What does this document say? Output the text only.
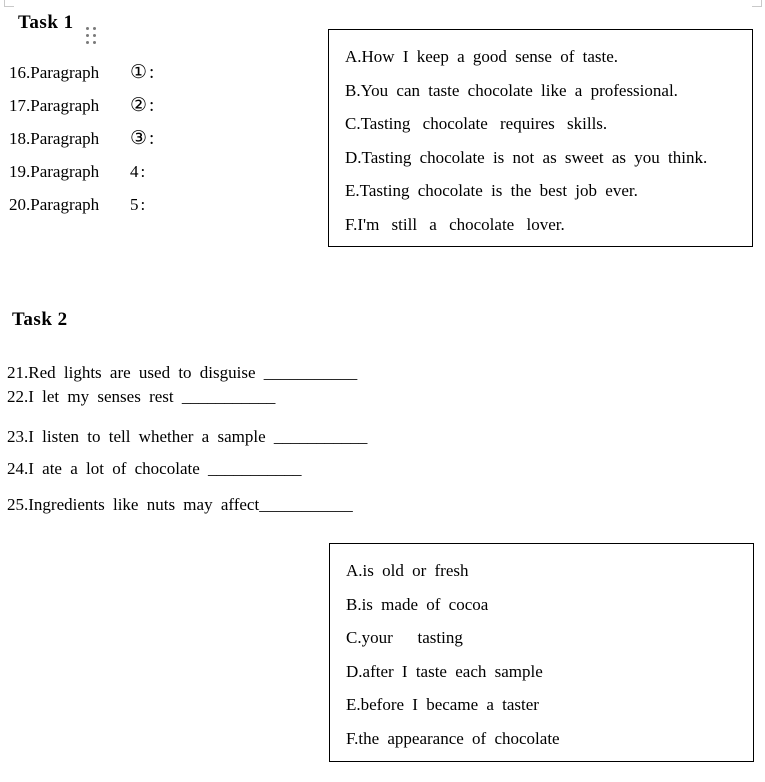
Task 1
16.Paragraph	①:
17.Paragraph	②:
18.Paragraph	③:
19.Paragraph	4:
20.Paragraph	5:
A.How I keep a good sense of taste.
B.You can taste chocolate like a professional.
C.Tasting chocolate requires skills.
D.Tasting chocolate is not as sweet as you think.
E.Tasting chocolate is the best job ever.
F.I'm still a chocolate lover.
Task 2
21.Red lights are used to disguise ___________
22.I let my senses rest ___________
23.I listen to tell whether a sample ___________
24.I ate a lot of chocolate ___________
25.Ingredients like nuts may affect___________
A.is old or fresh
B.is made of cocoa
C.your   tasting
D.after I taste each sample
E.before I became a taster
F.the appearance of chocolate
